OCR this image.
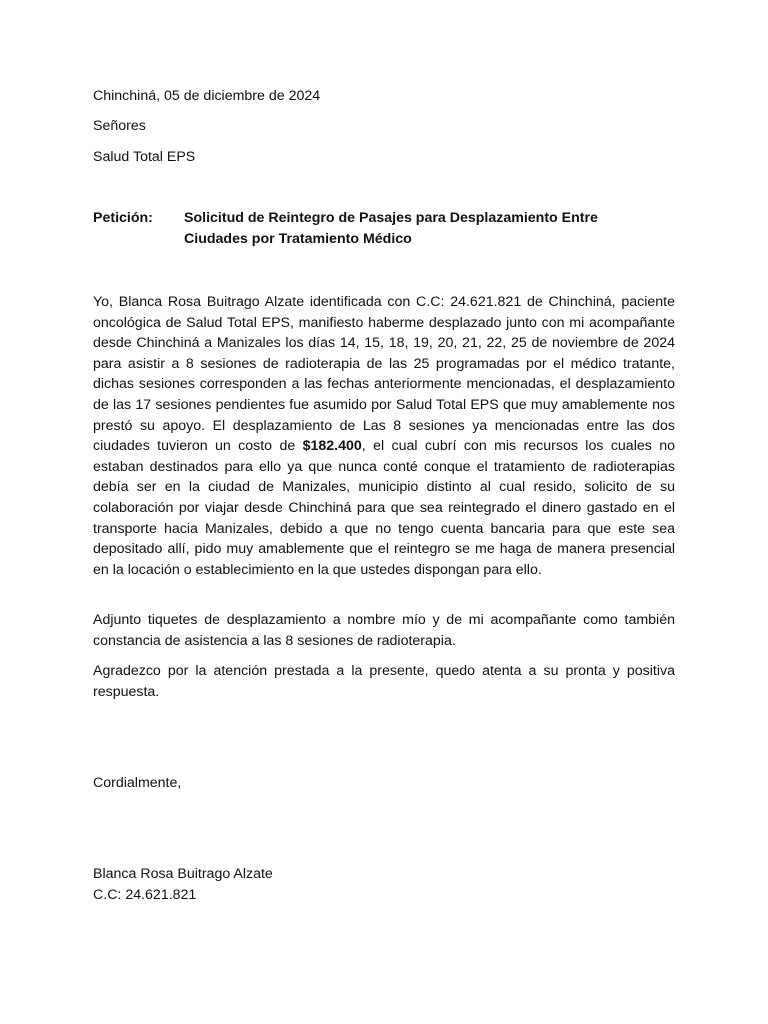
Chinchiná, 05 de diciembre de 2024
Señores
Salud Total EPS
Petición: Solicitud de Reintegro de Pasajes para Desplazamiento Entre Ciudades por Tratamiento Médico
Yo, Blanca Rosa Buitrago Alzate identificada con C.C: 24.621.821 de Chinchiná, paciente oncológica de Salud Total EPS, manifiesto haberme desplazado junto con mi acompañante desde Chinchiná a Manizales los días 14, 15, 18, 19, 20, 21, 22, 25 de noviembre de 2024 para asistir a 8 sesiones de radioterapia de las 25 programadas por el médico tratante, dichas sesiones corresponden a las fechas anteriormente mencionadas, el desplazamiento de las 17 sesiones pendientes fue asumido por Salud Total EPS que muy amablemente nos prestó su apoyo. El desplazamiento de Las 8 sesiones ya mencionadas entre las dos ciudades tuvieron un costo de $182.400, el cual cubrí con mis recursos los cuales no estaban destinados para ello ya que nunca conté conque el tratamiento de radioterapias debía ser en la ciudad de Manizales, municipio distinto al cual resido, solicito de su colaboración por viajar desde Chinchiná para que sea reintegrado el dinero gastado en el transporte hacia Manizales, debido a que no tengo cuenta bancaria para que este sea depositado allí, pido muy amablemente que el reintegro se me haga de manera presencial en la locación o establecimiento en la que ustedes dispongan para ello.
Adjunto tiquetes de desplazamiento a nombre mío y de mi acompañante como también constancia de asistencia a las 8 sesiones de radioterapia.
Agradezco por la atención prestada a la presente, quedo atenta a su pronta y positiva respuesta.
Cordialmente,
Blanca Rosa Buitrago Alzate
C.C: 24.621.821
